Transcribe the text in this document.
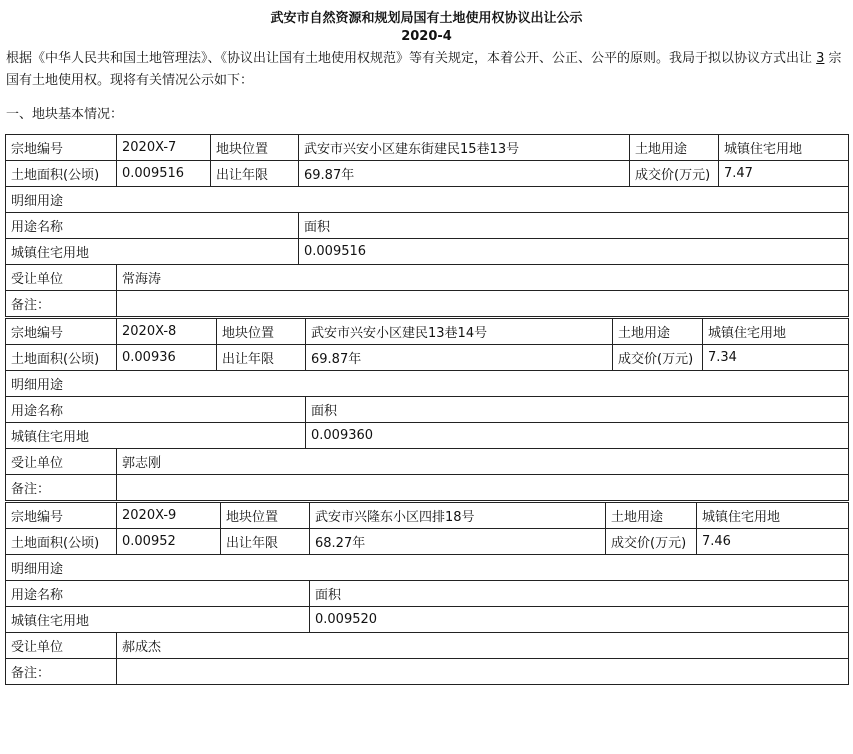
武安市自然资源和规划局国有土地使用权协议出让公示
2020-4
根据《中华人民共和国土地管理法》、《协议出让国有土地使用权规范》等有关规定，本着公开、公正、公平的原则。我局于拟以协议方式出让 3 宗国有土地使用权。现将有关情况公示如下：
一、地块基本情况：
宗地编号	2020X-7	地块位置	武安市兴安小区建东街建民15巷13号	土地用途	城镇住宅用地
土地面积(公顷)	0.009516	出让年限	69.87年	成交价(万元)	7.47
明细用途					
用途名称			面积		
城镇住宅用地			0.009516		
受让单位	常海涛				
备注：					
宗地编号	2020X-8	地块位置	武安市兴安小区建民13巷14号	土地用途	城镇住宅用地
土地面积(公顷)	0.00936	出让年限	69.87年	成交价(万元)	7.34
明细用途					
用途名称			面积		
城镇住宅用地			0.009360		
受让单位	郭志刚				
备注：					
宗地编号	2020X-9	地块位置	武安市兴隆东小区四排18号	土地用途	城镇住宅用地
土地面积(公顷)	0.00952	出让年限	68.27年	成交价(万元)	7.46
明细用途					
用途名称			面积		
城镇住宅用地			0.009520		
受让单位	郝成杰				
备注：					
